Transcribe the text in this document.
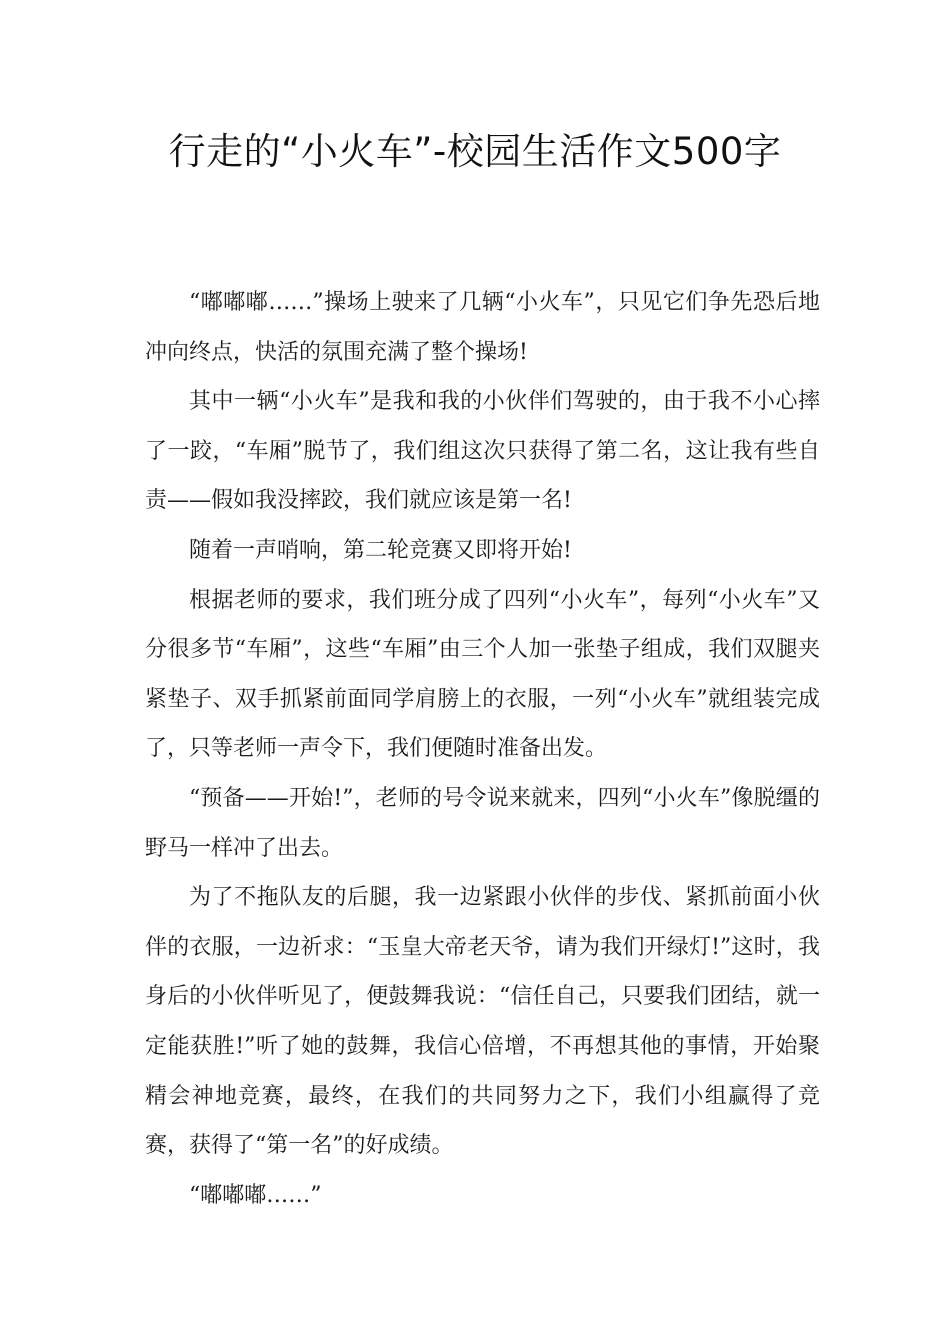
行走的“小火车”-校园生活作文500字

“嘟嘟嘟……”操场上驶来了几辆“小火车”，只见它们争先恐后地冲向终点，快活的氛围充满了整个操场!

其中一辆“小火车”是我和我的小伙伴们驾驶的，由于我不小心摔了一跤，“车厢”脱节了，我们组这次只获得了第二名，这让我有些自责——假如我没摔跤，我们就应该是第一名!

随着一声哨响，第二轮竞赛又即将开始!

根据老师的要求，我们班分成了四列“小火车”，每列“小火车”又分很多节“车厢”，这些“车厢”由三个人加一张垫子组成，我们双腿夹紧垫子、双手抓紧前面同学肩膀上的衣服，一列“小火车”就组装完成了，只等老师一声令下，我们便随时准备出发。

“预备——开始!”，老师的号令说来就来，四列“小火车”像脱缰的野马一样冲了出去。

为了不拖队友的后腿，我一边紧跟小伙伴的步伐、紧抓前面小伙伴的衣服，一边祈求：“玉皇大帝老天爷，请为我们开绿灯!”这时，我身后的小伙伴听见了，便鼓舞我说：“信任自己，只要我们团结，就一定能获胜!”听了她的鼓舞，我信心倍增，不再想其他的事情，开始聚精会神地竞赛，最终，在我们的共同努力之下，我们小组赢得了竞赛，获得了“第一名”的好成绩。

“嘟嘟嘟……”
